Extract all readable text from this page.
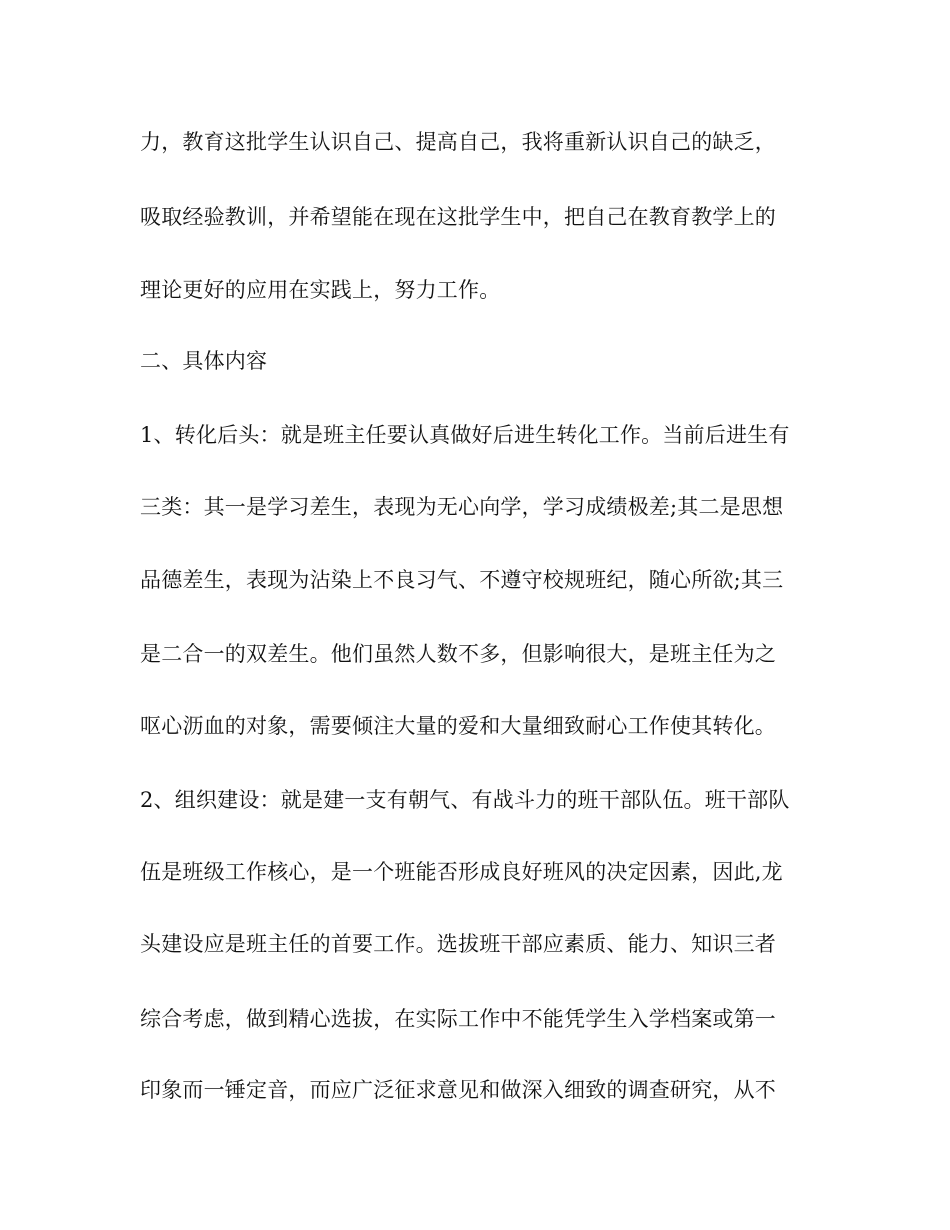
力，教育这批学生认识自己、提高自己，我将重新认识自己的缺乏，
吸取经验教训，并希望能在现在这批学生中，把自己在教育教学上的
理论更好的应用在实践上，努力工作。
二、具体内容
1、转化后头：就是班主任要认真做好后进生转化工作。当前后进生有
三类：其一是学习差生，表现为无心向学，学习成绩极差;其二是思想
品德差生，表现为沾染上不良习气、不遵守校规班纪，随心所欲;其三
是二合一的双差生。他们虽然人数不多，但影响很大，是班主任为之
呕心沥血的对象，需要倾注大量的爱和大量细致耐心工作使其转化。
2、组织建设：就是建一支有朝气、有战斗力的班干部队伍。班干部队
伍是班级工作核心，是一个班能否形成良好班风的决定因素，因此,龙
头建设应是班主任的首要工作。选拔班干部应素质、能力、知识三者
综合考虑，做到精心选拔，在实际工作中不能凭学生入学档案或第一
印象而一锤定音，而应广泛征求意见和做深入细致的调查研究，从不
